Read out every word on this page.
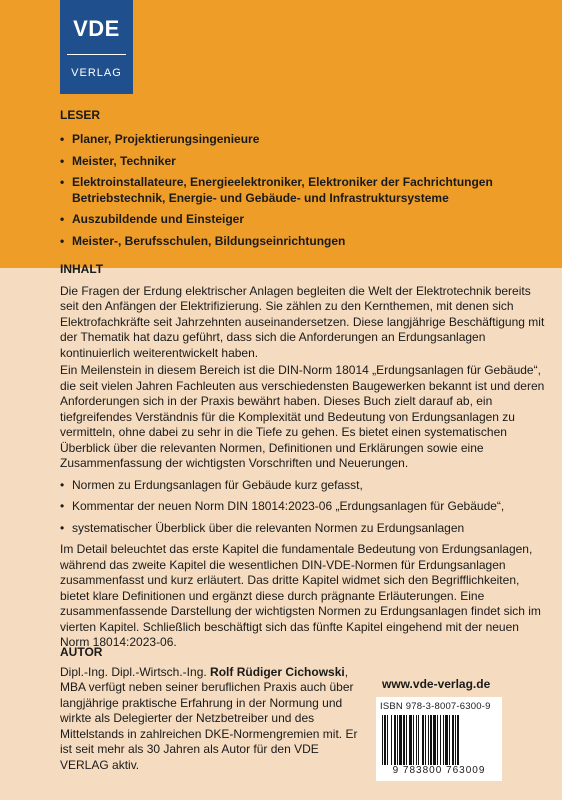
VDE
VERLAG
LESER
• Planer, Projektierungsingenieure
• Meister, Techniker
• Elektroinstallateure, Energieelektroniker, Elektroniker der Fachrichtungen Betriebstechnik, Energie- und Gebäude- und Infrastruktursysteme
• Auszubildende und Einsteiger
• Meister-, Berufsschulen, Bildungseinrichtungen
INHALT

Die Fragen der Erdung elektrischer Anlagen begleiten die Welt der Elektrotechnik bereits seit den Anfängen der Elektrifizierung. Sie zählen zu den Kernthemen, mit denen sich Elektrofachkräfte seit Jahrzehnten auseinandersetzen. Diese langjährige Beschäftigung mit der Thematik hat dazu geführt, dass sich die Anforderungen an Erdungsanlagen kontinuierlich weiterentwickelt haben.

Ein Meilenstein in diesem Bereich ist die DIN-Norm 18014 „Erdungsanlagen für Gebäude“, die seit vielen Jahren Fachleuten aus verschiedensten Baugewerken bekannt ist und deren Anforderungen sich in der Praxis bewährt haben. Dieses Buch zielt darauf ab, ein tiefgreifendes Verständnis für die Komplexität und Bedeutung von Erdungsanlagen zu vermitteln, ohne dabei zu sehr in die Tiefe zu gehen. Es bietet einen systematischen Überblick über die relevanten Normen, Definitionen und Erklärungen sowie eine Zusammenfassung der wichtigsten Vorschriften und Neuerungen.

• Normen zu Erdungsanlagen für Gebäude kurz gefasst,
• Kommentar der neuen Norm DIN 18014:2023-06 „Erdungsanlagen für Gebäude“,
• systematischer Überblick über die relevanten Normen zu Erdungsanlagen

Im Detail beleuchtet das erste Kapitel die fundamentale Bedeutung von Erdungsanlagen, während das zweite Kapitel die wesentlichen DIN-VDE-Normen für Erdungsanlagen zusammenfasst und kurz erläutert. Das dritte Kapitel widmet sich den Begrifflichkeiten, bietet klare Definitionen und ergänzt diese durch prägnante Erläuterungen. Eine zusammenfassende Darstellung der wichtigsten Normen zu Erdungsanlagen findet sich im vierten Kapitel. Schließlich beschäftigt sich das fünfte Kapitel eingehend mit der neuen Norm 18014:2023-06.

AUTOR

Dipl.-Ing. Dipl.-Wirtsch.-Ing. Rolf Rüdiger Cichowski, MBA verfügt neben seiner beruflichen Praxis auch über langjährige praktische Erfahrung in der Normung und wirkte als Delegierter der Netzbetreiber und des Mittelstands in zahlreichen DKE-Normengremien mit. Er ist seit mehr als 30 Jahren als Autor für den VDE VERLAG aktiv.

www.vde-verlag.de
ISBN 978-3-8007-6300-9
9 783800 763009
